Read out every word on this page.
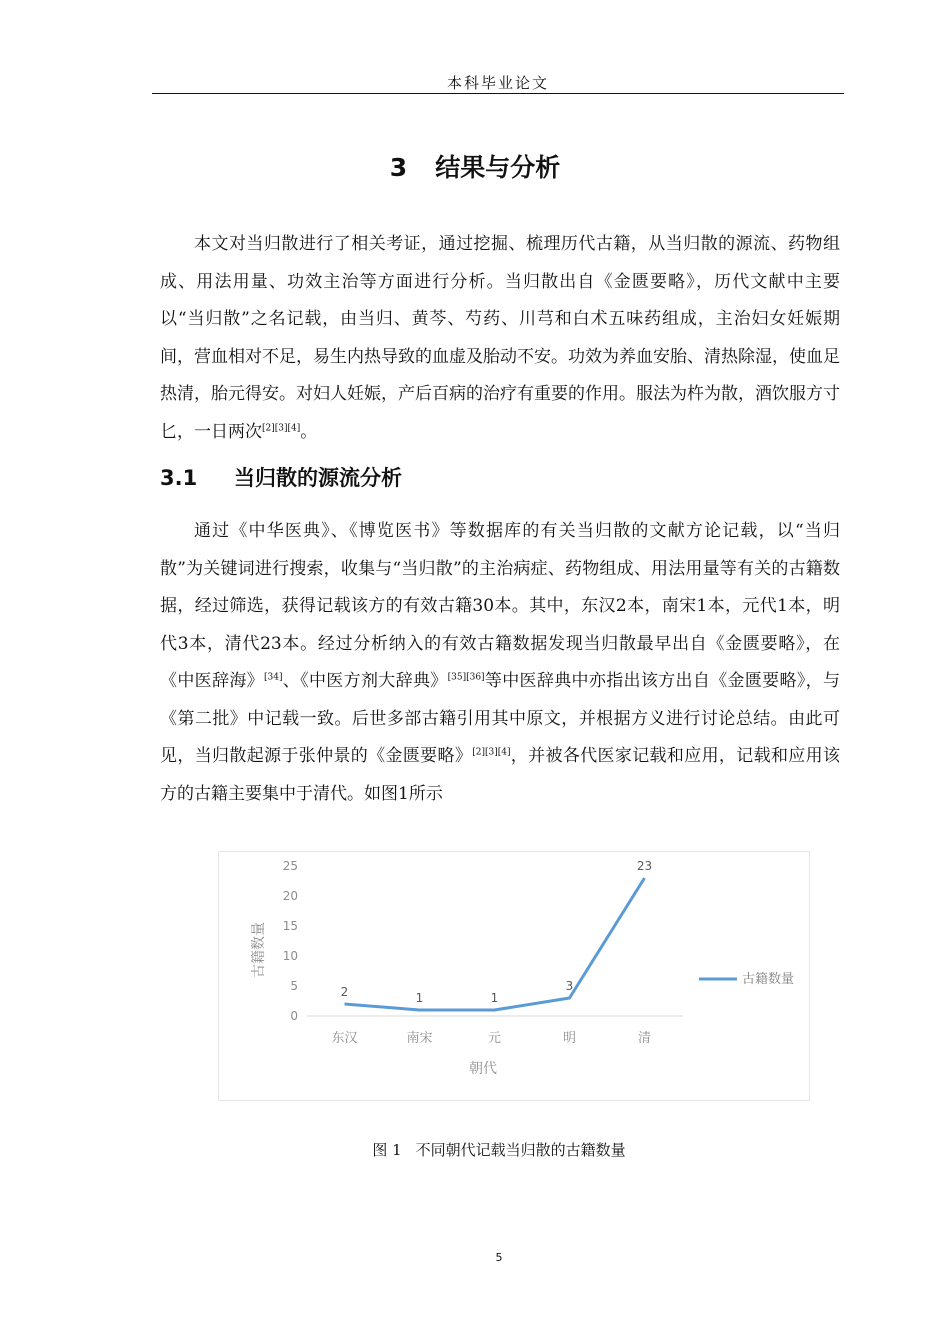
本科毕业论文
3 结果与分析

本文对当归散进行了相关考证，通过挖掘、梳理历代古籍，从当归散的源流、药物组成、用法用量、功效主治等方面进行分析。当归散出自《金匮要略》，历代文献中主要以“当归散”之名记载，由当归、黄芩、芍药、川芎和白术五味药组成，主治妇女妊娠期间，营血相对不足，易生内热导致的血虚及胎动不安。功效为养血安胎、清热除湿，使血足热清，胎元得安。对妇人妊娠，产后百病的治疗有重要的作用。服法为杵为散，酒饮服方寸匕，一日两次[2][3][4]。

3.1 当归散的源流分析

通过《中华医典》、《博览医书》等数据库的有关当归散的文献方论记载，以“当归散”为关键词进行搜索，收集与“当归散”的主治病症、药物组成、用法用量等有关的古籍数据，经过筛选，获得记载该方的有效古籍30本。其中，东汉2本，南宋1本，元代1本，明代3本，清代23本。经过分析纳入的有效古籍数据发现当归散最早出自《金匮要略》，在《中医辞海》[34]、《中医方剂大辞典》[35][36]等中医辞典中亦指出该方出自《金匮要略》，与《第二批》中记载一致。后世多部古籍引用其中原文，并根据方义进行讨论总结。由此可见，当归散起源于张仲景的《金匮要略》[2][3][4]，并被各代医家记载和应用，记载和应用该方的古籍主要集中于清代。如图1所示

古籍数量
朝代
0
5
10
15
20
25
东汉	南宋	元	明	清
2	1	1
3
23
古籍数量
图 1 不同朝代记载当归散的古籍数量
5
